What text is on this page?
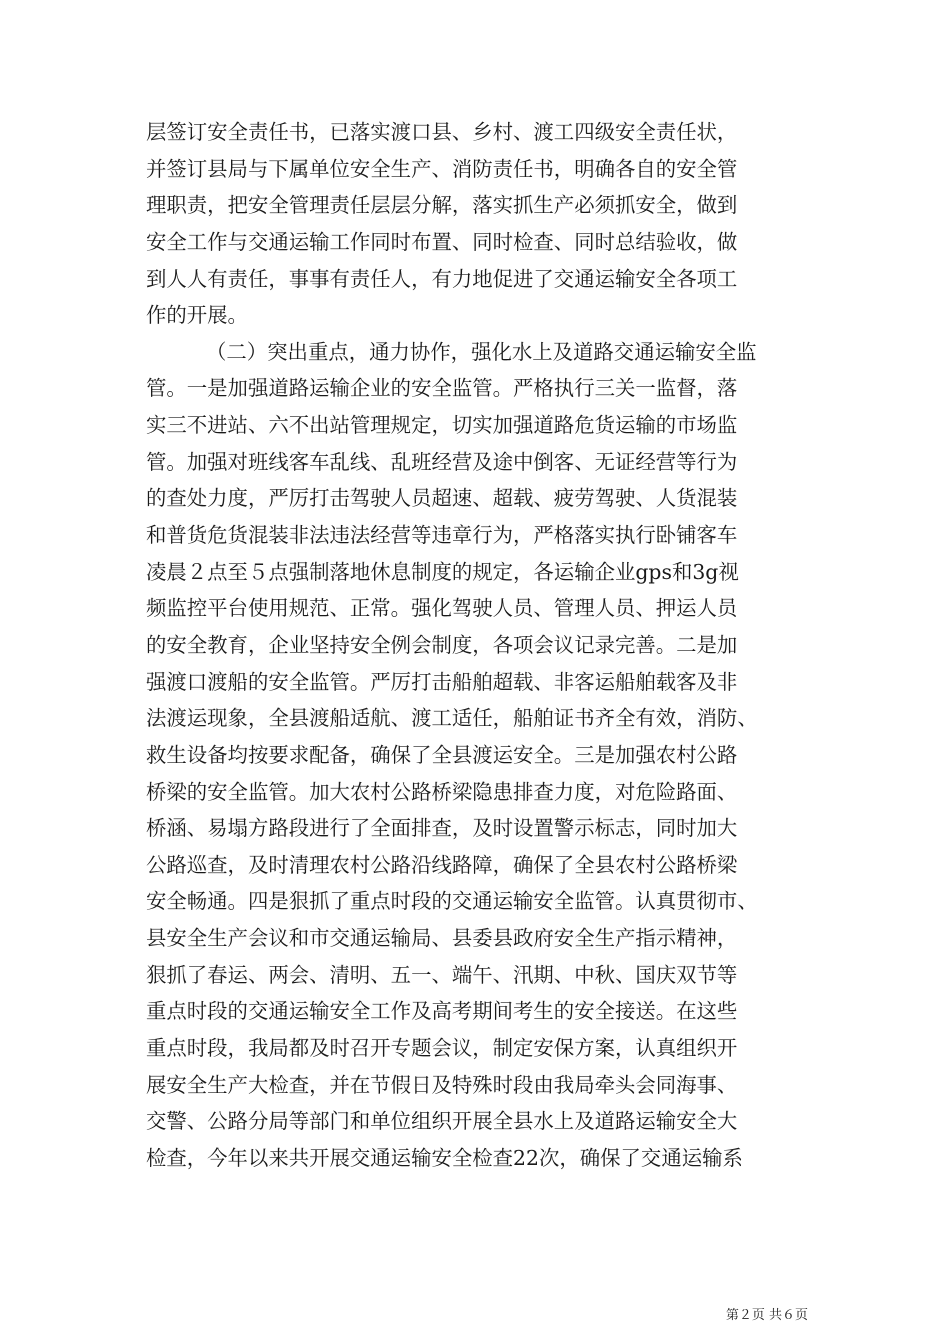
层签订安全责任书，已落实渡口县、乡村、渡工四级安全责任状，
并签订县局与下属单位安全生产、消防责任书，明确各自的安全管
理职责，把安全管理责任层层分解，落实抓生产必须抓安全，做到
安全工作与交通运输工作同时布置、同时检查、同时总结验收，做
到人人有责任，事事有责任人，有力地促进了交通运输安全各项工
作的开展。
（二）突出重点，通力协作，强化水上及道路交通运输安全监
管。一是加强道路运输企业的安全监管。严格执行三关一监督，落
实三不进站、六不出站管理规定，切实加强道路危货运输的市场监
管。加强对班线客车乱线、乱班经营及途中倒客、无证经营等行为
的查处力度，严厉打击驾驶人员超速、超载、疲劳驾驶、人货混装
和普货危货混装非法违法经营等违章行为，严格落实执行卧铺客车
凌晨２点至５点强制落地休息制度的规定，各运输企业gps和3g视
频监控平台使用规范、正常。强化驾驶人员、管理人员、押运人员
的安全教育，企业坚持安全例会制度，各项会议记录完善。二是加
强渡口渡船的安全监管。严厉打击船舶超载、非客运船舶载客及非
法渡运现象，全县渡船适航、渡工适任，船舶证书齐全有效，消防、
救生设备均按要求配备，确保了全县渡运安全。三是加强农村公路
桥梁的安全监管。加大农村公路桥梁隐患排查力度，对危险路面、
桥涵、易塌方路段进行了全面排查，及时设置警示标志，同时加大
公路巡查，及时清理农村公路沿线路障，确保了全县农村公路桥梁
安全畅通。四是狠抓了重点时段的交通运输安全监管。认真贯彻市、
县安全生产会议和市交通运输局、县委县政府安全生产指示精神，
狠抓了春运、两会、清明、五一、端午、汛期、中秋、国庆双节等
重点时段的交通运输安全工作及高考期间考生的安全接送。在这些
重点时段，我局都及时召开专题会议，制定安保方案，认真组织开
展安全生产大检查，并在节假日及特殊时段由我局牵头会同海事、
交警、公路分局等部门和单位组织开展全县水上及道路运输安全大
检查，今年以来共开展交通运输安全检查22次，确保了交通运输系
第２页 共６页
